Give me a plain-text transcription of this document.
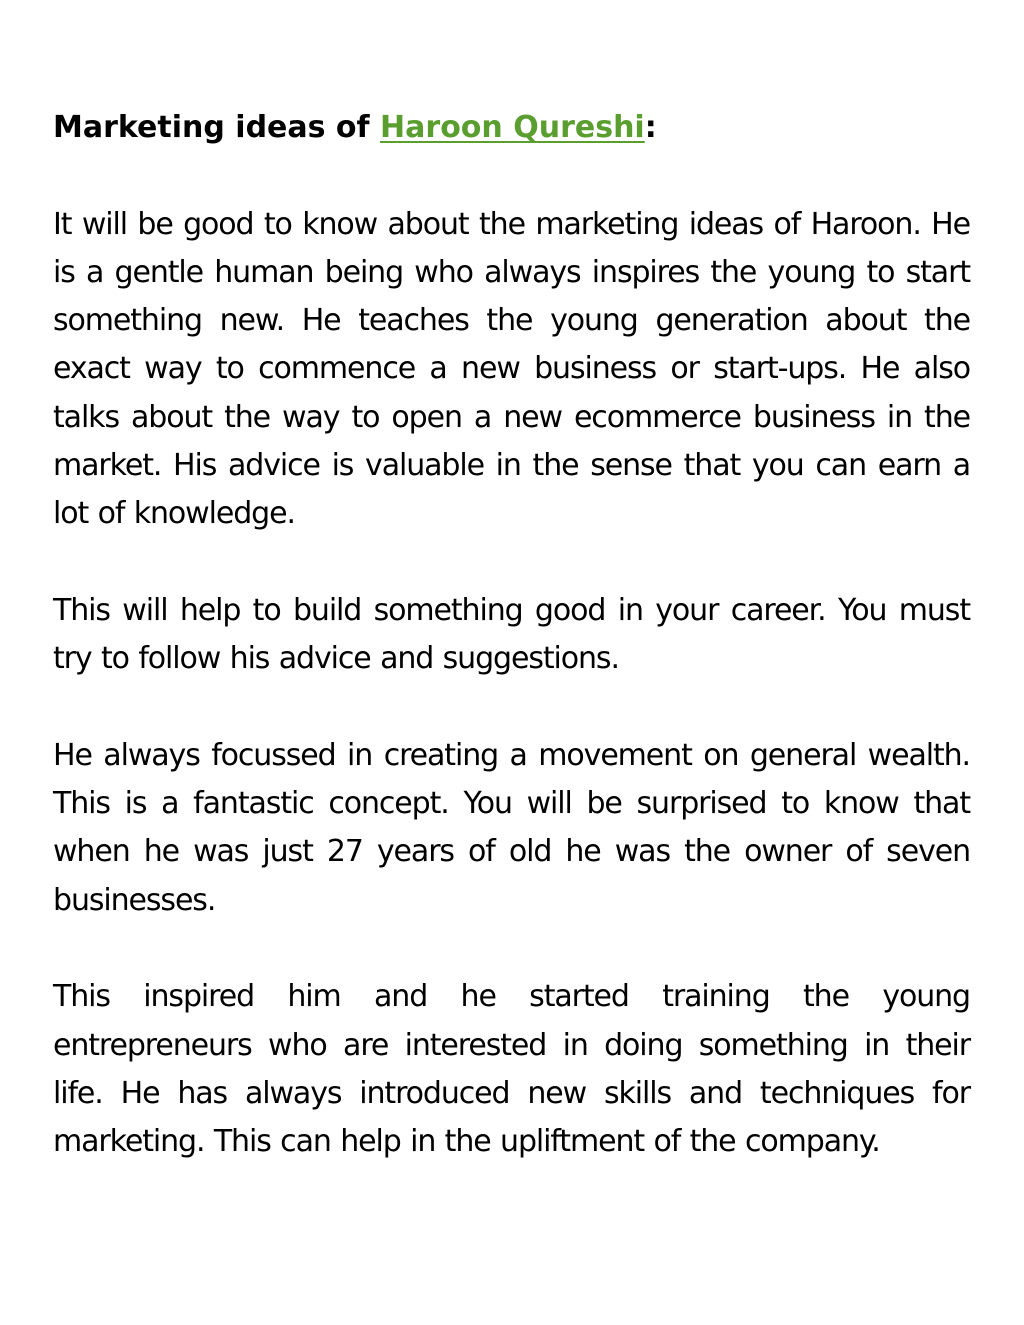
Marketing ideas of Haroon Qureshi:

It will be good to know about the marketing ideas of Haroon. He is a gentle human being who always inspires the young to start something new. He teaches the young generation about the exact way to commence a new business or start-ups. He also talks about the way to open a new ecommerce business in the market. His advice is valuable in the sense that you can earn a lot of knowledge.

This will help to build something good in your career. You must try to follow his advice and suggestions.

He always focussed in creating a movement on general wealth. This is a fantastic concept. You will be surprised to know that when he was just 27 years of old he was the owner of seven businesses.

This inspired him and he started training the young entrepreneurs who are interested in doing something in their life. He has always introduced new skills and techniques for marketing. This can help in the upliftment of the company.
